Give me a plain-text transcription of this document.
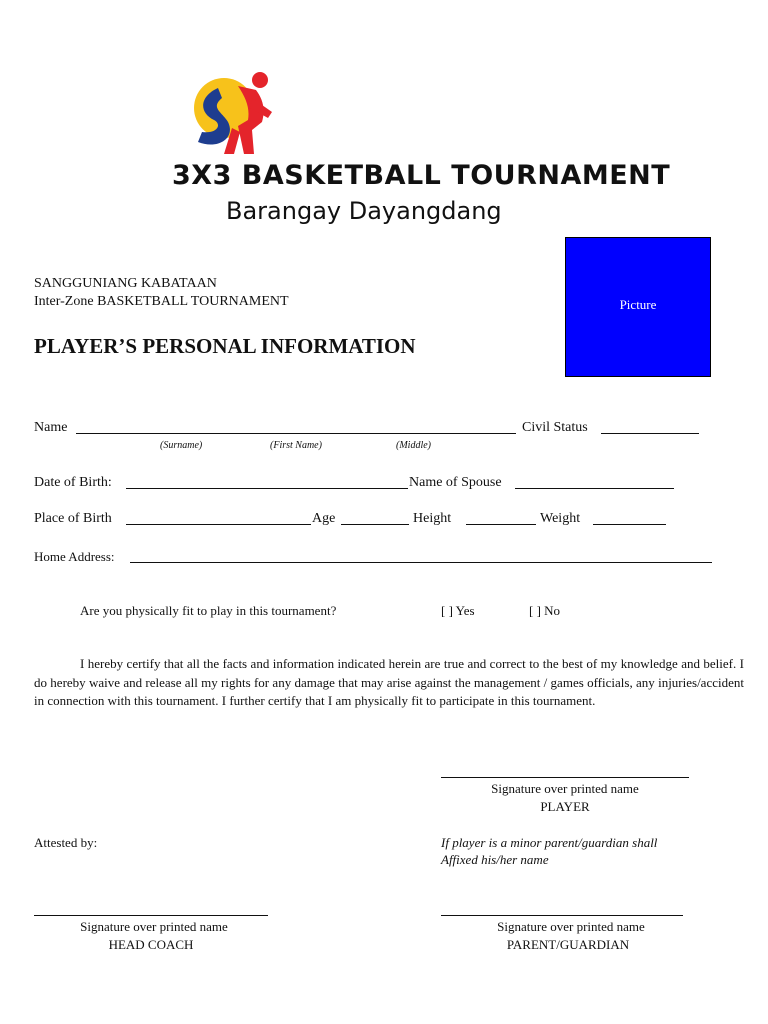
3X3 BASKETBALL TOURNAMENT
Barangay Dayangdang
Picture
SANGGUNIANG KABATAAN
Inter-Zone BASKETBALL TOURNAMENT
PLAYER’S PERSONAL INFORMATION
Name	Civil Status
(Surname)	(First Name)	(Middle)
Date of Birth:	Name of Spouse
Place of Birth	Age	Height	Weight
Home Address:
Are you physically fit to play in this tournament?	[ ] Yes	[ ] No
I hereby certify that all the facts and information indicated herein are true and correct to the best of my knowledge and belief. I do hereby waive and release all my rights for any damage that may arise against the management / games officials, any injuries/accident in connection with this tournament. I further certify that I am physically fit to participate in this tournament.
Signature over printed name
PLAYER
Attested by:	If player is a minor parent/guardian shall
Affixed his/her name
Signature over printed name
HEAD COACH
Signature over printed name
PARENT/GUARDIAN
